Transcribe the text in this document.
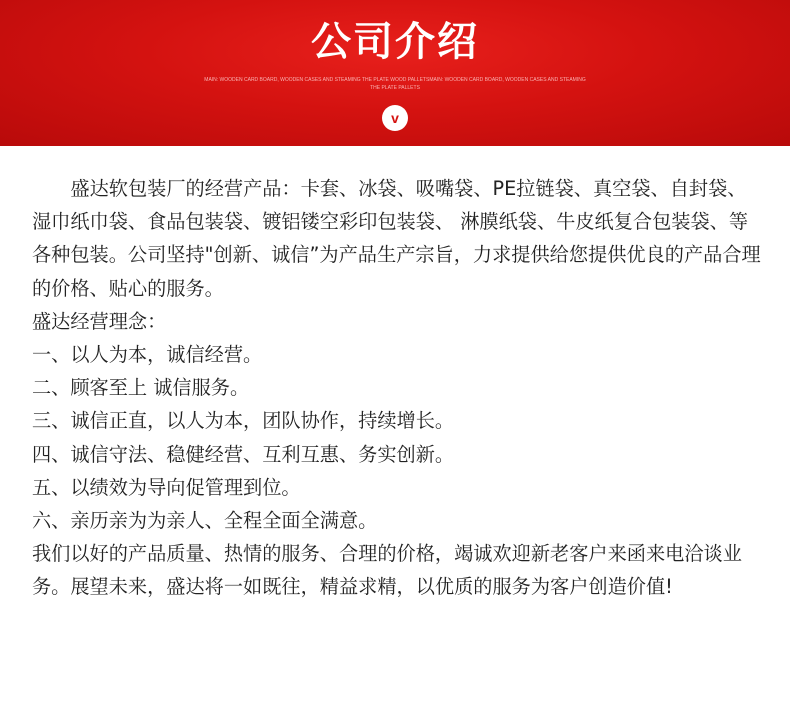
公司介绍
MAIN: WOODEN CARD BOARD, WOODEN CASES AND STEAMING THE PLATE WOOD PALLETSMAIN: WOODEN CARD BOARD, WOODEN CASES AND STEAMING THE PLATE PALLETS
v

盛达软包装厂的经营产品：卡套、冰袋、吸嘴袋、PE拉链袋、真空袋、自封袋、湿巾纸巾袋、食品包装袋、镀铝镂空彩印包装袋、 淋膜纸袋、牛皮纸复合包装袋、等各种包装。公司坚持"创新、诚信”为产品生产宗旨，力求提供给您提供优良的产品合理的价格、贴心的服务。

盛达经营理念：

一、以人为本，诚信经营。

二、顾客至上 诚信服务。

三、诚信正直，以人为本，团队协作，持续增长。

四、诚信守法、稳健经营、互利互惠、务实创新。

五、以绩效为导向促管理到位。

六、亲历亲为为亲人、全程全面全满意。

我们以好的产品质量、热情的服务、合理的价格，竭诚欢迎新老客户来函来电洽谈业务。展望未来，盛达将一如既往，精益求精，以优质的服务为客户创造价值!
